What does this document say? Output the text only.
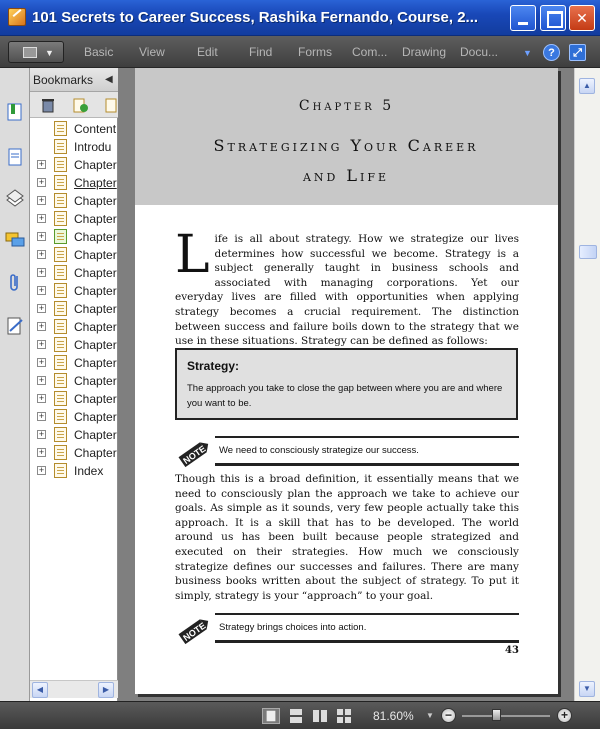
101 Secrets to Career Success, Rashika Fernando, Course, 2...	✕
▼	Basic View	Edit	Find Forms Com... Drawing Docu...	▼	?	⤢
Bookmarks ◀
Content
Introdu
+ Chapter
+ Chapter
+ Chapter
+ Chapter
+ Chapter
+ Chapter
+ Chapter
+ Chapter
+ Chapter
+ Chapter
+ Chapter
+ Chapter
+ Chapter
+ Chapter
+ Chapter
+ Chapter
+ Chapter
+ Index
◀	▶
Chapter 5
Strategizing Your Career and Life
Life is all about strategy. How we strategize our lives determines how successful we become. Strategy is a subject generally taught in business schools and associated with managing corporations. Yet our everyday lives are filled with opportunities when applying strategy becomes a crucial requirement. The distinction between success and failure boils down to the strategy that we use in these situations. Strategy can be defined as follows:
Strategy:
The approach you take to close the gap between where you are and where you want to be.
NOTE We need to consciously strategize our success.
Though this is a broad definition, it essentially means that we need to consciously plan the approach we take to achieve our goals. As simple as it sounds, very few people actually take this approach. It is a skill that has to be developed. The world around us has been built because people strategized and executed on their strategies. How much we consciously strategize defines our successes and failures. There are many business books written about the subject of strategy. To put it simply, strategy is your “approach” to your goal.
NOTE Strategy brings choices into action.
43
▲
▼
81.60% ▼ −	+
